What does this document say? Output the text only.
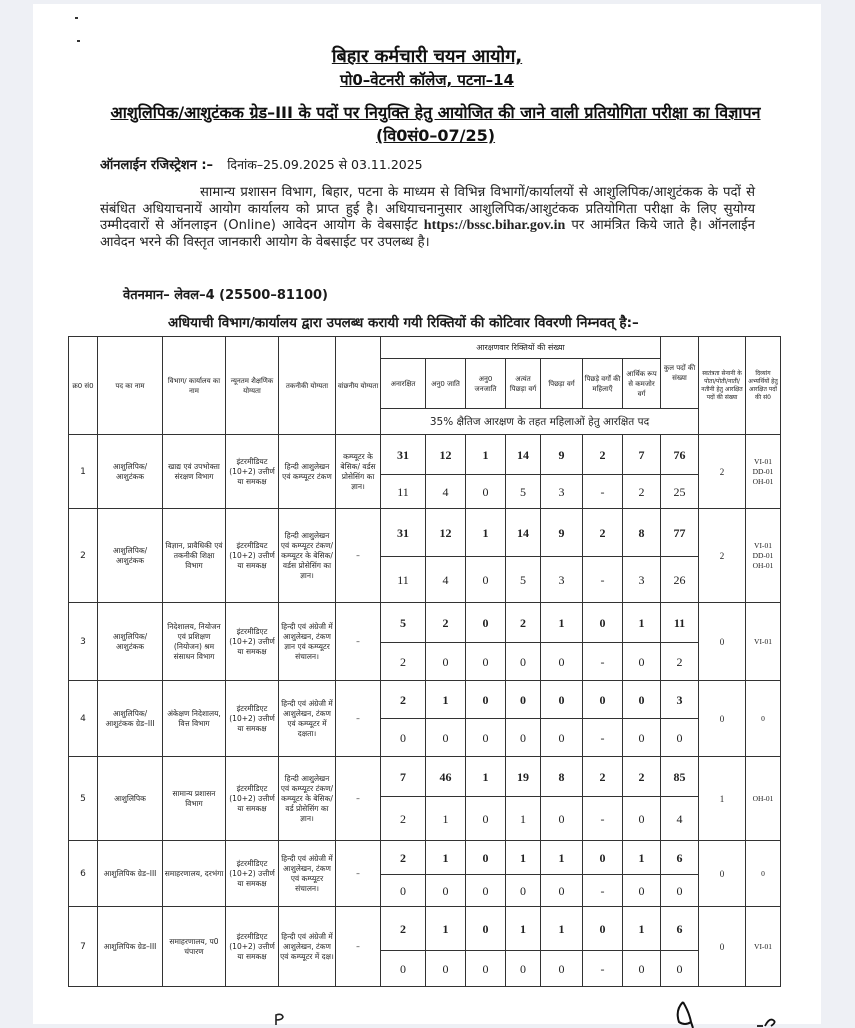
बिहार कर्मचारी चयन आयोग,
पो0–वेटनरी कॉलेज, पटना–14
आशुलिपिक/आशुटंकक ग्रेड–III के पदों पर नियुक्ति हेतु आयोजित की जाने वाली प्रतियोगिता परीक्षा का विज्ञापन (वि0सं0–07/25)
ऑनलाईन रजिस्ट्रेशन :– दिनांक–25.09.2025 से 03.11.2025
सामान्य प्रशासन विभाग, बिहार, पटना के माध्यम से विभिन्न विभागों/कार्यालयों से आशुलिपिक/आशुटंकक के पदों से संबंधित अधियाचनायें आयोग कार्यालय को प्राप्त हुई है। अधियाचनानुसार आशुलिपिक/आशुटंकक प्रतियोगिता परीक्षा के लिए सुयोग्य उम्मीदवारों से ऑनलाइन (Online) आवेदन आयोग के वेबसाईट https://bssc.bihar.gov.in पर आमंत्रित किये जाते है। ऑनलाईन आवेदन भरने की विस्तृत जानकारी आयोग के वेबसाईट पर उपलब्ध है।
वेतनमान– लेवल–4 (25500–81100)
अधियाची विभाग/कार्यालय द्वारा उपलब्ध करायी गयी रिक्तियों की कोटिवार विवरणी निम्नवत् है:–
क्र0 सं0	पद का नाम	विभाग/ कार्यालय का नाम	न्यूनतम शैक्षणिक योग्यता	तकनीकी योग्यता	वांछनीय योग्यता	आरक्षणवार रिक्तियों की संख्या							कुल पदों की संख्या	स्वतंत्रता सेनानी के पोता/पोती/नाती/नतीनी हेतु आरक्षित पदों की संख्या	दिव्यांग अभ्यर्थियों हेतु आरक्षित पदों की सं0
						अनारक्षित	अनु0 जाति	अनु0 जनजाति	अत्यंत पिछड़ा वर्ग	पिछड़ा वर्ग	पिछड़े वर्गों की महिलाएँ	आर्थिक रूप से कमजोर वर्ग			
						35% क्षैतिज आरक्षण के तहत महिलाओं हेतु आरक्षित पद									
1	आशुलिपिक/ आशुटंकक	खाद्य एवं उपभोक्ता संरक्षण विभाग	इंटरमीडियट (10+2) उत्तीर्ण या समकक्ष	हिन्दी आशुलेखन एवं कम्प्यूटर टंकण	कम्प्यूटर के बेसिक/ वर्डस प्रोसेसिंग का ज्ञान।	31	12	1	14	9	2	7	76	2	VI-01 DD-01 OH-01
						11	4	0	5	3	-	2	25		
2	आशुलिपिक/ आशुटंकक	विज्ञान, प्रावैधिकी एवं तकनीकी शिक्षा विभाग	इंटरमीडियट (10+2) उत्तीर्ण या समकक्ष	हिन्दी आशुलेखन एवं कम्प्यूटर टंकण/ कम्प्यूटर के बेसिक/ वर्डस प्रोसेसिंग का ज्ञान।	–	31	12	1	14	9	2	8	77	2	VI-01 DD-01 OH-01
						11	4	0	5	3	-	3	26		
3	आशुलिपिक/ आशुटंकक	निदेशालय, नियोजन एवं प्रशिक्षण (नियोजन) श्रम संसाधन विभाग	इंटरमीडिएट (10+2) उत्तीर्ण या समकक्ष	हिन्दी एवं अंग्रेजी में आशुलेखन, टंकण ज्ञान एवं कम्प्यूटर संचालन।	–	5	2	0	2	1	0	1	11	0	VI-01
						2	0	0	0	0	-	0	2		
4	आशुलिपिक/ आशुटंकक ग्रेड–III	अंकेक्षण निदेशालय, वित्त विभाग	इंटरमीडिएट (10+2) उत्तीर्ण या समकक्ष	हिन्दी एवं अंग्रेजी में आशुलेखन, टंकण एवं कम्प्यूटर में दक्षता।	–	2	1	0	0	0	0	0	3	0	0
						0	0	0	0	0	-	0	0		
5	आशुलिपिक	सामान्य प्रशासन विभाग	इंटरमीडिएट (10+2) उत्तीर्ण या समकक्ष	हिन्दी आशुलेखन एवं कम्प्यूटर टंकण/ कम्प्यूटर के बेसिक/वर्ड प्रोसेसिंग का ज्ञान।	–	7	46	1	19	8	2	2	85	1	OH-01
						2	1	0	1	0	-	0	4		
6	आशुलिपिक ग्रेड–III	समाहरणालय, दरभंगा	इंटरमीडिएट (10+2) उत्तीर्ण या समकक्ष	हिन्दी एवं अंग्रेजी में आशुलेखन, टंकण एवं कम्प्यूटर संचालन।	–	2	1	0	1	1	0	1	6	0	0
						0	0	0	0	0	-	0	0		
7	आशुलिपिक ग्रेड–III	समाहरणालय, प0 चंपारण	इंटरमीडिएट (10+2) उत्तीर्ण या समकक्ष	हिन्दी एवं अंग्रेजी में आशुलेखन, टंकण एवं कम्प्यूटर में दक्ष।	–	2	1	0	1	1	0	1	6	0	VI-01
						0	0	0	0	0	-	0	0		
